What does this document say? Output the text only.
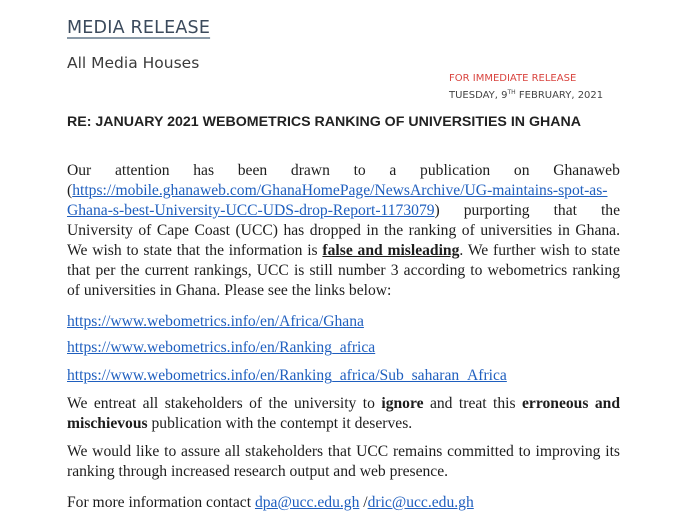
MEDIA RELEASE
All Media Houses
FOR IMMEDIATE RELEASE
TUESDAY, 9TH FEBRUARY, 2021
RE: JANUARY 2021 WEBOMETRICS RANKING OF UNIVERSITIES IN GHANA
Our attention has been drawn to a publication on Ghanaweb
(https://mobile.ghanaweb.com/GhanaHomePage/NewsArchive/UG-maintains-spot-as-
Ghana-s-best-University-UCC-UDS-drop-Report-1173079) purporting that the
University of Cape Coast (UCC) has dropped in the ranking of universities in Ghana. We wish to state that the information is false and misleading. We further wish to state that per the current rankings, UCC is still number 3 according to webometrics ranking of universities in Ghana. Please see the links below:
https://www.webometrics.info/en/Africa/Ghana
https://www.webometrics.info/en/Ranking_africa
https://www.webometrics.info/en/Ranking_africa/Sub_saharan_Africa
We entreat all stakeholders of the university to ignore and treat this erroneous and mischievous publication with the contempt it deserves.
We would like to assure all stakeholders that UCC remains committed to improving its ranking through increased research output and web presence.
For more information contact dpa@ucc.edu.gh /dric@ucc.edu.gh
